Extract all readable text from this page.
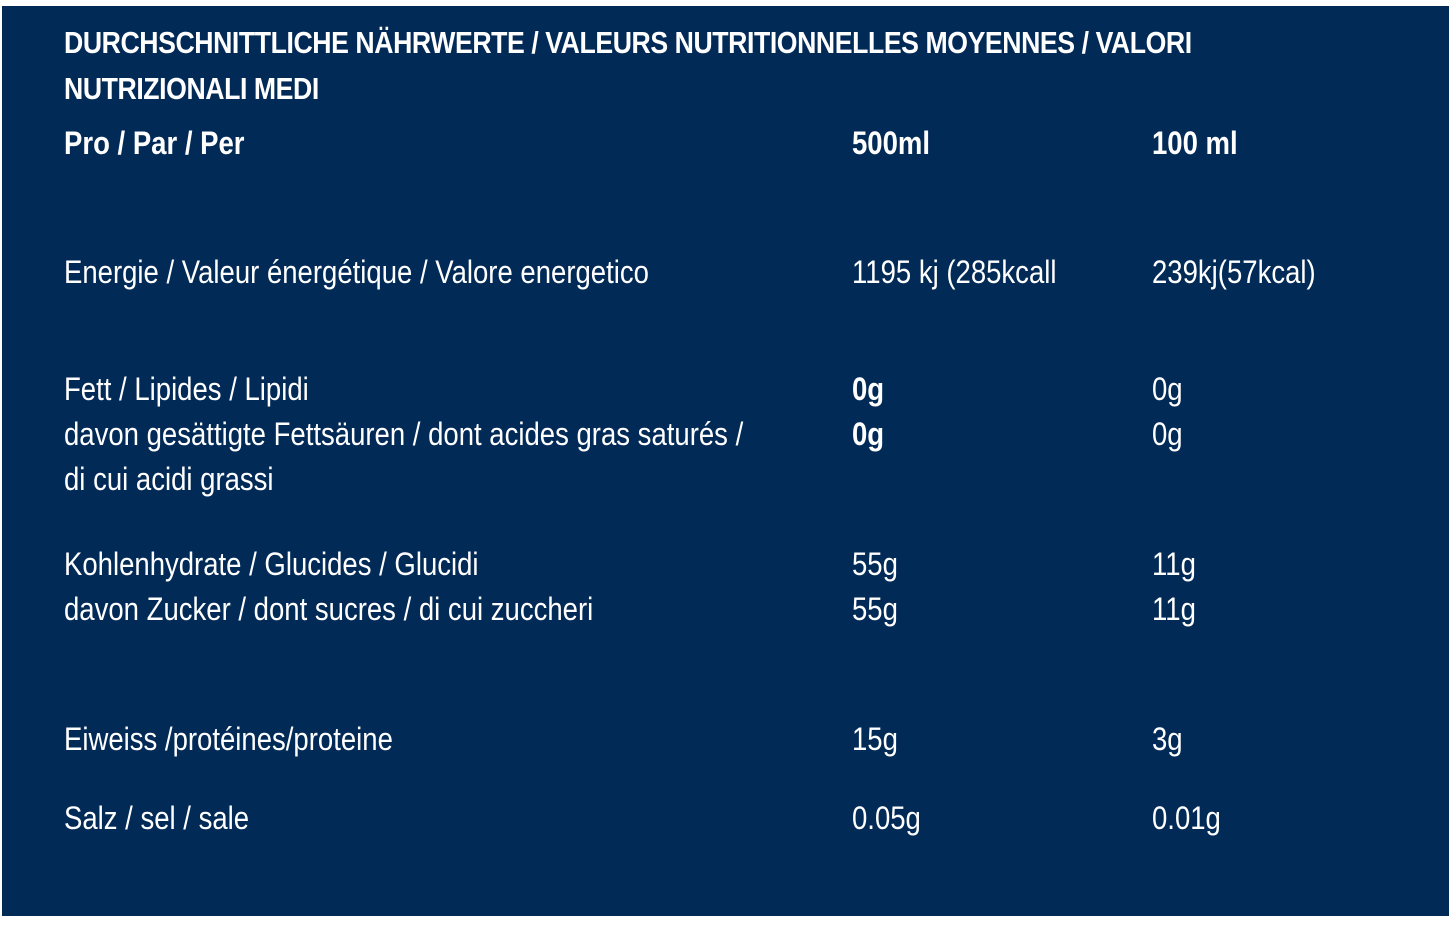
DURCHSCHNITTLICHE NÄHRWERTE / VALEURS NUTRITIONNELLES MOYENNES / VALORI NUTRIZIONALI MEDI
Pro / Par / Per	500ml	100 ml
Energie / Valeur énergétique / Valore energetico	1195 kj (285kcall	239kj(57kcal)
Fett / Lipides / Lipidi	0g	0g
davon gesättigte Fettsäuren / dont acides gras saturés /	0g	0g
di cui acidi grassi
Kohlenhydrate / Glucides / Glucidi	55g	11g
davon Zucker / dont sucres / di cui zuccheri	55g	11g
Eiweiss /protéines/proteine	15g	3g
Salz / sel / sale	0.05g	0.01g
